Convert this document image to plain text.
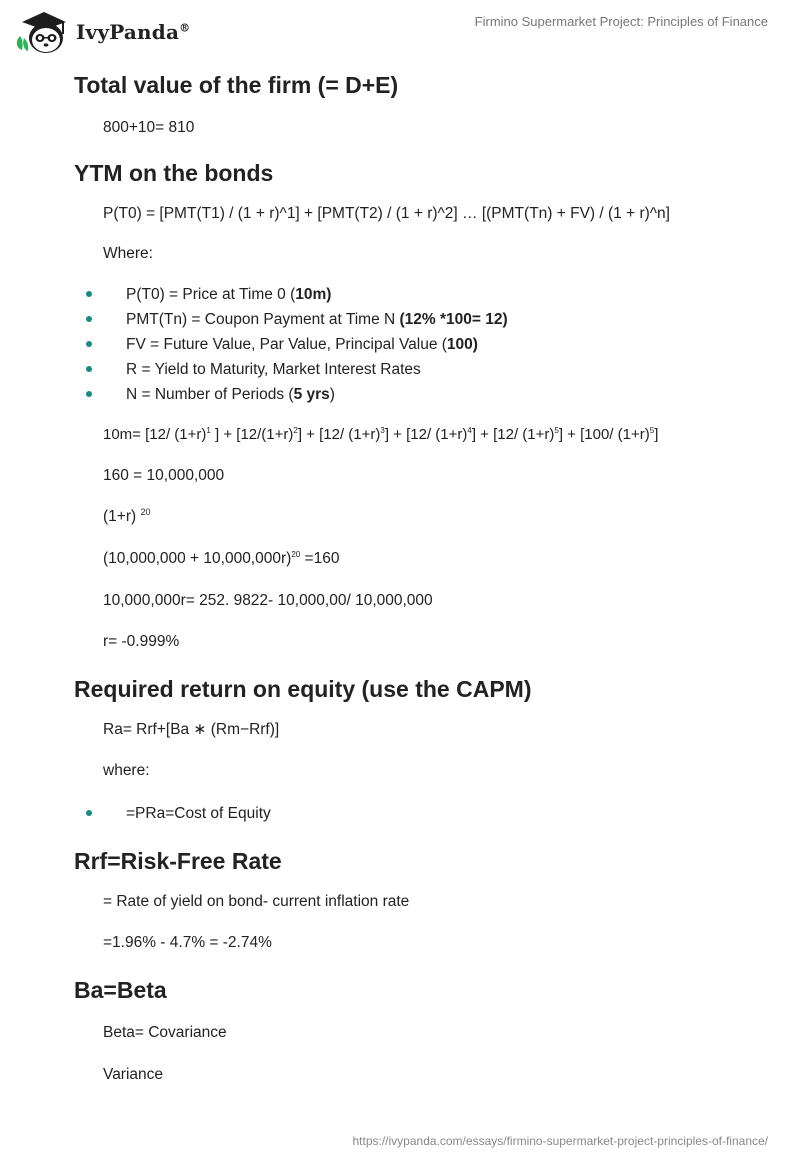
IvyPanda®	Firmino Supermarket Project: Principles of Finance
Total value of the firm (= D+E)

800+10= 810

YTM on the bonds

P(T0) = [PMT(T1) / (1 + r)^1] + [PMT(T2) / (1 + r)^2] … [(PMT(Tn) + FV) / (1 + r)^n]

Where:

P(T0) = Price at Time 0 (10m)
PMT(Tn) = Coupon Payment at Time N (12% *100= 12)
FV = Future Value, Par Value, Principal Value (100)
R = Yield to Maturity, Market Interest Rates
N = Number of Periods (5 yrs)

10m= [12/ $(1+r)^1$ ] + $[12/(1+r)^2] + [12/$ $(1+r)^3] + [12/$ $(1+r)^4] + [12/$ $(1+r)^5] + [100/$ $(1+r)^5$]

160 = 10,000,000

(1+r) $^{20}$

$(10,000,000 + 10,000,000r)^{20} =160$

10,000,000r= 252. 9822- 10,000,00/ 10,000,000

r= -0.999%

Required return on equity (use the CAPM)

Ra= Rrf+[Ba ∗ (Rm−Rrf)]

where:

=PRa=Cost of Equity
Rrf=Risk-Free Rate

= Rate of yield on bond- current inflation rate

=1.96% - 4.7% = -2.74%

Ba=Beta

Beta= Covariance

Variance

https://ivypanda.com/essays/firmino-supermarket-project-principles-of-finance/
